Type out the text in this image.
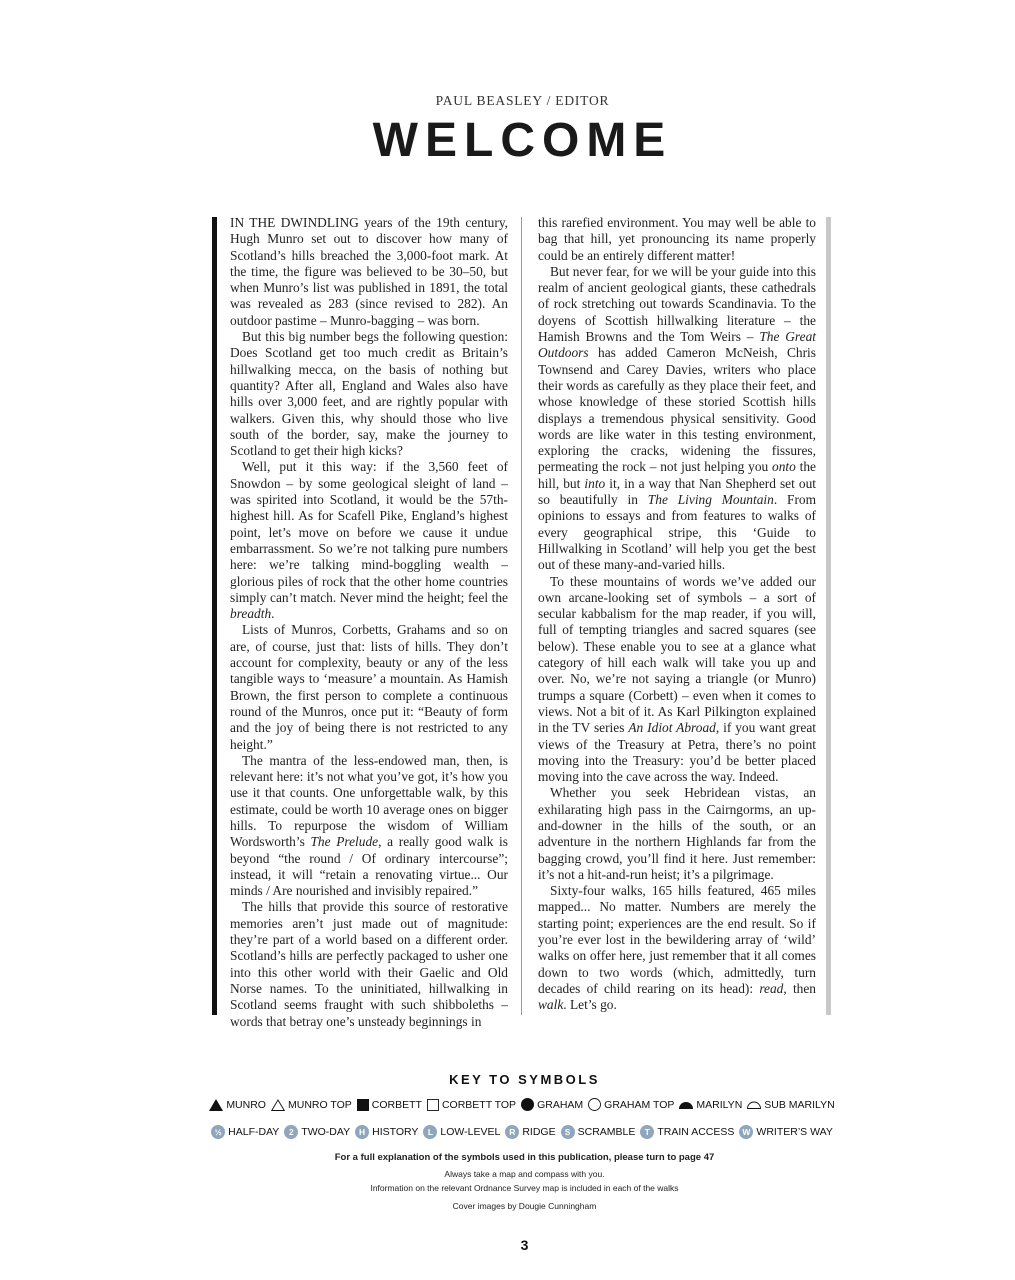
PAUL BEASLEY / EDITOR
WELCOME

IN THE DWINDLING years of the 19th century, Hugh Munro set out to discover how many of Scotland’s hills breached the 3,000-foot mark. At the time, the figure was believed to be 30–50, but when Munro’s list was published in 1891, the total was revealed as 283 (since revised to 282). An outdoor pastime – Munro-bagging – was born.

But this big number begs the following question: Does Scotland get too much credit as Britain’s hillwalking mecca, on the basis of nothing but quantity? After all, England and Wales also have hills over 3,000 feet, and are rightly popular with walkers. Given this, why should those who live south of the border, say, make the journey to Scotland to get their high kicks?

Well, put it this way: if the 3,560 feet of Snowdon – by some geological sleight of land – was spirited into Scotland, it would be the 57th-highest hill. As for Scafell Pike, England’s highest point, let’s move on before we cause it undue embarrassment. So we’re not talking pure numbers here: we’re talking mind-boggling wealth – glorious piles of rock that the other home countries simply can’t match. Never mind the height; feel the breadth.

Lists of Munros, Corbetts, Grahams and so on are, of course, just that: lists of hills. They don’t account for complexity, beauty or any of the less tangible ways to ‘measure’ a mountain. As Hamish Brown, the first person to complete a continuous round of the Munros, once put it: “Beauty of form and the joy of being there is not restricted to any height.”

The mantra of the less-endowed man, then, is relevant here: it’s not what you’ve got, it’s how you use it that counts. One unforgettable walk, by this estimate, could be worth 10 average ones on bigger hills. To repurpose the wisdom of William Wordsworth’s The Prelude, a really good walk is beyond “the round / Of ordinary intercourse”; instead, it will “retain a renovating virtue... Our minds / Are nourished and invisibly repaired.”

The hills that provide this source of restorative memories aren’t just made out of magnitude: they’re part of a world based on a different order. Scotland’s hills are perfectly packaged to usher one into this other world with their Gaelic and Old Norse names. To the uninitiated, hillwalking in Scotland seems fraught with such shibboleths – words that betray one’s unsteady beginnings in

this rarefied environment. You may well be able to bag that hill, yet pronouncing its name properly could be an entirely different matter!

But never fear, for we will be your guide into this realm of ancient geological giants, these cathedrals of rock stretching out towards Scandinavia. To the doyens of Scottish hillwalking literature – the Hamish Browns and the Tom Weirs – The Great Outdoors has added Cameron McNeish, Chris Townsend and Carey Davies, writers who place their words as carefully as they place their feet, and whose knowledge of these storied Scottish hills displays a tremendous physical sensitivity. Good words are like water in this testing environment, exploring the cracks, widening the fissures, permeating the rock – not just helping you onto the hill, but into it, in a way that Nan Shepherd set out so beautifully in The Living Mountain. From opinions to essays and from features to walks of every geographical stripe, this ‘Guide to Hillwalking in Scotland’ will help you get the best out of these many-and-varied hills.

To these mountains of words we’ve added our own arcane-looking set of symbols – a sort of secular kabbalism for the map reader, if you will, full of tempting triangles and sacred squares (see below). These enable you to see at a glance what category of hill each walk will take you up and over. No, we’re not saying a triangle (or Munro) trumps a square (Corbett) – even when it comes to views. Not a bit of it. As Karl Pilkington explained in the TV series An Idiot Abroad, if you want great views of the Treasury at Petra, there’s no point moving into the Treasury: you’d be better placed moving into the cave across the way. Indeed.

Whether you seek Hebridean vistas, an exhilarating high pass in the Cairngorms, an up-and-downer in the hills of the south, or an adventure in the northern Highlands far from the bagging crowd, you’ll find it here. Just remember: it’s not a hit-and-run heist; it’s a pilgrimage.

Sixty-four walks, 165 hills featured, 465 miles mapped... No matter. Numbers are merely the starting point; experiences are the end result. So if you’re ever lost in the bewildering array of ‘wild’ walks on offer here, just remember that it all comes down to two words (which, admittedly, turn decades of child rearing on its head): read, then walk. Let’s go.

KEY TO SYMBOLS
MUNRO MUNRO TOP CORBETT CORBETT TOP GRAHAM GRAHAM TOP MARILYN SUB MARILYN
½ HALF-DAY	2 TWO-DAY	H HISTORY	L LOW-LEVEL	R RIDGE	S SCRAMBLE	T TRAIN ACCESS W WRITER’S WAY
For a full explanation of the symbols used in this publication, please turn to page 47
Always take a map and compass with you.
Information on the relevant Ordnance Survey map is included in each of the walks
Cover images by Dougie Cunningham
3
